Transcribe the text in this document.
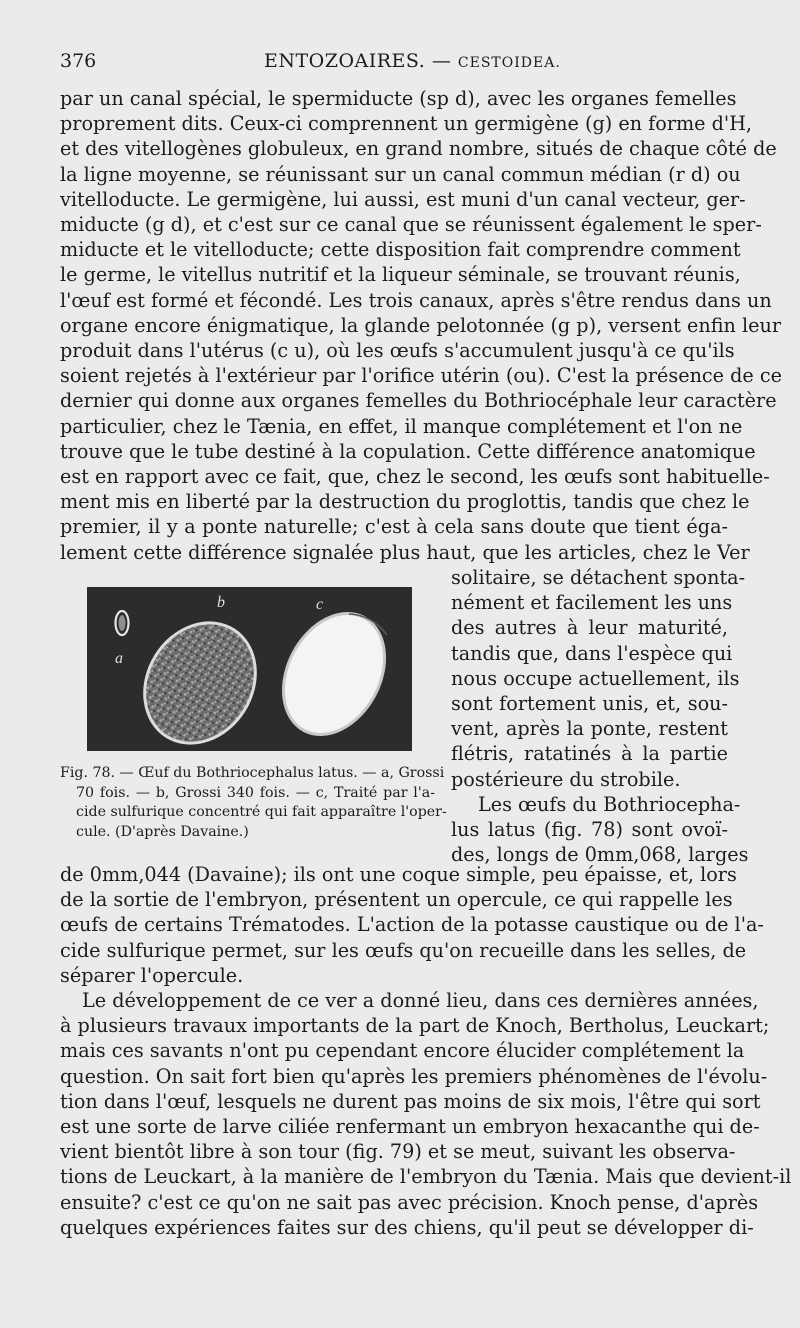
376	ENTOZOAIRES. — CESTOIDEA.
a
b	c
par un canal spécial, le spermiducte (sp d), avec les organes femelles
proprement dits. Ceux-ci comprennent un germigène (g) en forme d'H,
et des vitellogènes globuleux, en grand nombre, situés de chaque côté de
la ligne moyenne, se réunissant sur un canal commun médian (r d) ou
vitelloducte. Le germigène, lui aussi, est muni d'un canal vecteur, ger-
miducte (g d), et c'est sur ce canal que se réunissent également le sper-
miducte et le vitelloducte; cette disposition fait comprendre comment
le germe, le vitellus nutritif et la liqueur séminale, se trouvant réunis,
l'œuf est formé et fécondé. Les trois canaux, après s'être rendus dans un
organe encore énigmatique, la glande pelotonnée (g p), versent enfin leur
produit dans l'utérus (c u), où les œufs s'accumulent jusqu'à ce qu'ils
soient rejetés à l'extérieur par l'orifice utérin (ou). C'est la présence de ce
dernier qui donne aux organes femelles du Bothriocéphale leur caractère
particulier, chez le Tænia, en effet, il manque complétement et l'on ne
trouve que le tube destiné à la copulation. Cette différence anatomique
est en rapport avec ce fait, que, chez le second, les œufs sont habituelle-
ment mis en liberté par la destruction du proglottis, tandis que chez le
premier, il y a ponte naturelle; c'est à cela sans doute que tient éga-
lement cette différence signalée plus haut, que les articles, chez le Ver
solitaire, se détachent sponta-
nément et facilement les uns
des autres à leur maturité,
tandis que, dans l'espèce qui
nous occupe actuellement, ils
sont fortement unis, et, sou-
vent, après la ponte, restent
flétris, ratatinés à la partie
postérieure du strobile.
Les œufs du Bothriocepha-
lus latus (fig. 78) sont ovoï-
des, longs de 0mm,068, larges
Fig. 78. — Œuf du Bothriocephalus latus. — a, Grossi
70 fois. — b, Grossi 340 fois. — c, Traité par l'a-
cide sulfurique concentré qui fait apparaître l'oper-
cule. (D'après Davaine.)
de 0mm,044 (Davaine); ils ont une coque simple, peu épaisse, et, lors
de la sortie de l'embryon, présentent un opercule, ce qui rappelle les
œufs de certains Trématodes. L'action de la potasse caustique ou de l'a-
cide sulfurique permet, sur les œufs qu'on recueille dans les selles, de
séparer l'opercule.
Le développement de ce ver a donné lieu, dans ces dernières années,
à plusieurs travaux importants de la part de Knoch, Bertholus, Leuckart;
mais ces savants n'ont pu cependant encore élucider complétement la
question. On sait fort bien qu'après les premiers phénomènes de l'évolu-
tion dans l'œuf, lesquels ne durent pas moins de six mois, l'être qui sort
est une sorte de larve ciliée renfermant un embryon hexacanthe qui de-
vient bientôt libre à son tour (fig. 79) et se meut, suivant les observa-
tions de Leuckart, à la manière de l'embryon du Tænia. Mais que devient-il
ensuite? c'est ce qu'on ne sait pas avec précision. Knoch pense, d'après
quelques expériences faites sur des chiens, qu'il peut se développer di-
